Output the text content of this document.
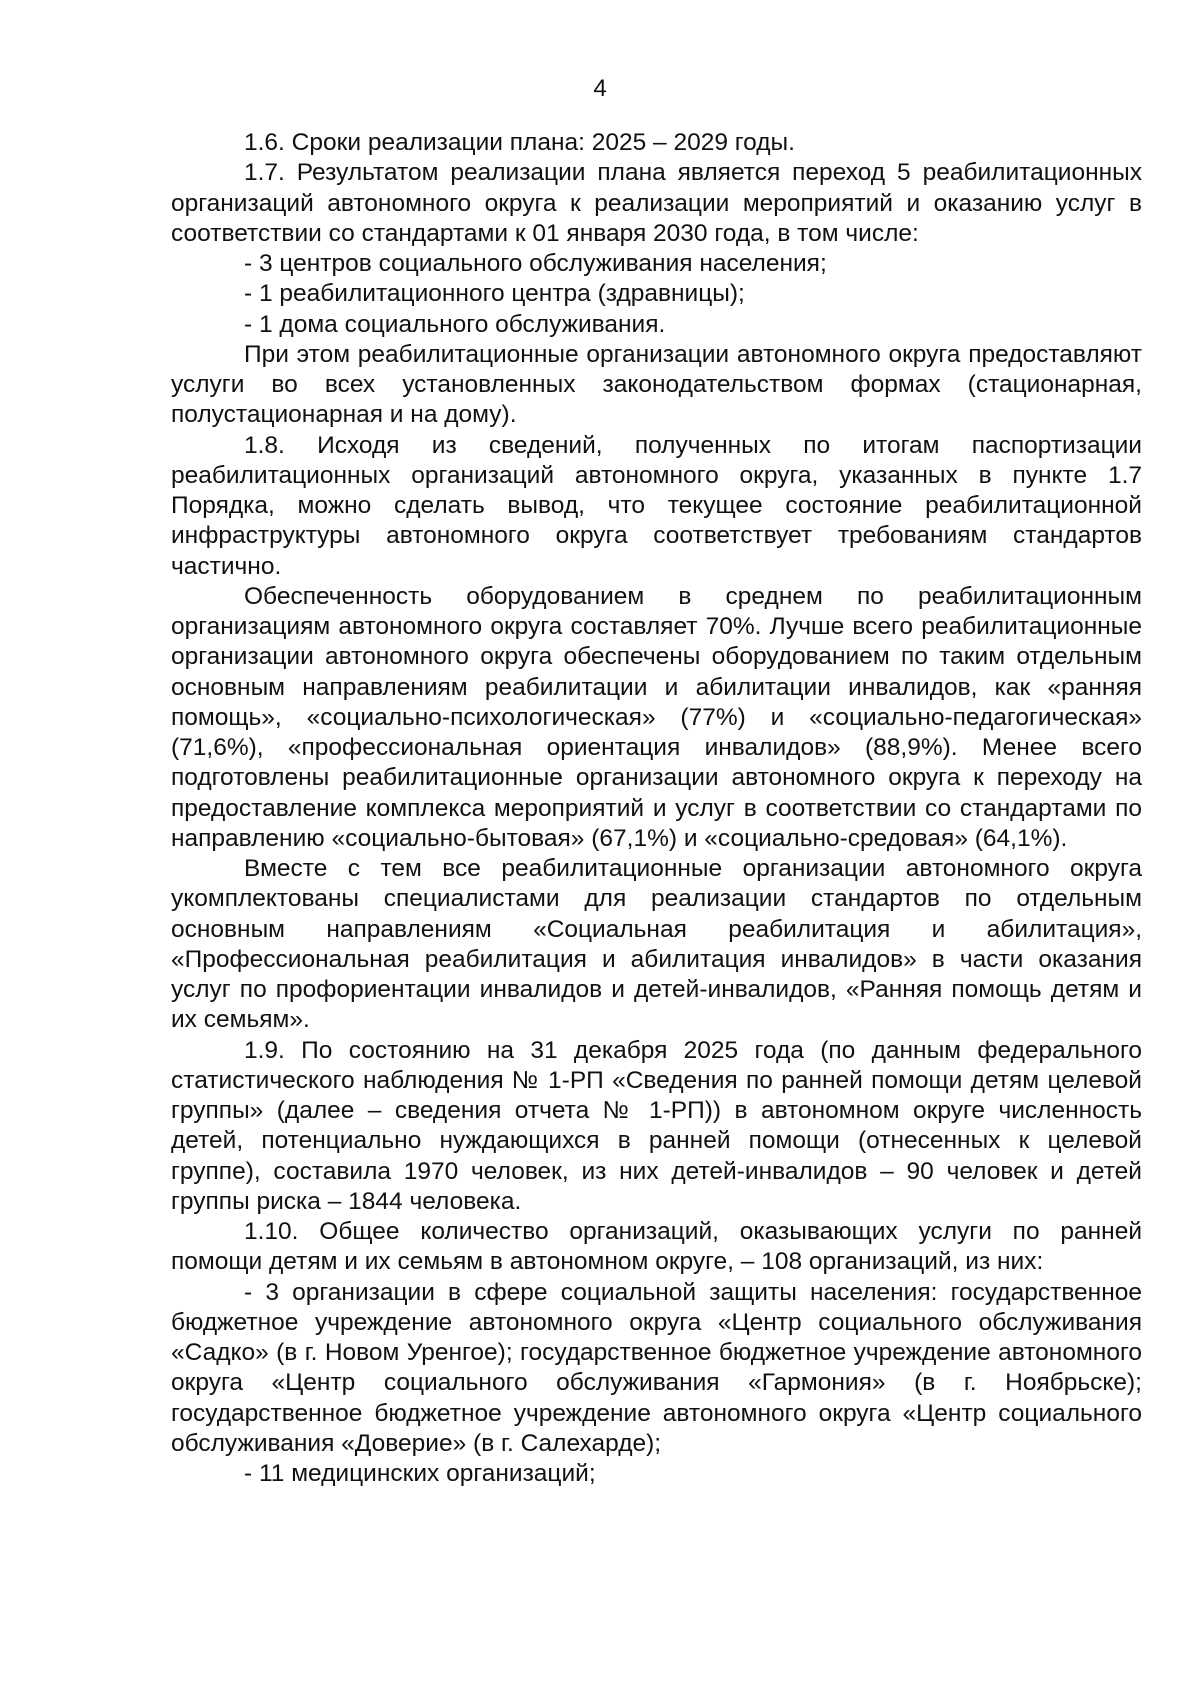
4

1.6. Сроки реализации плана: 2025 – 2029 годы.

1.7. Результатом реализации плана является переход 5 реабилитационных организаций автономного округа к реализации мероприятий и оказанию услуг в соответствии со стандартами к 01 января 2030 года, в том числе:

- 3 центров социального обслуживания населения;

- 1 реабилитационного центра (здравницы);

- 1 дома социального обслуживания.

При этом реабилитационные организации автономного округа предоставляют услуги во всех установленных законодательством формах (стационарная, полустационарная и на дому).

1.8. Исходя из сведений, полученных по итогам паспортизации реабилитационных организаций автономного округа, указанных в пункте 1.7 Порядка, можно сделать вывод, что текущее состояние реабилитационной инфраструктуры автономного округа соответствует требованиям стандартов частично.

Обеспеченность оборудованием в среднем по реабилитационным организациям автономного округа составляет 70%. Лучше всего реабилитационные организации автономного округа обеспечены оборудованием по таким отдельным основным направлениям реабилитации и абилитации инвалидов, как «ранняя помощь», «социально-психологическая» (77%) и «социально-педагогическая» (71,6%), «профессиональная ориентация инвалидов» (88,9%). Менее всего подготовлены реабилитационные организации автономного округа к переходу на предоставление комплекса мероприятий и услуг в соответствии со стандартами по направлению «социально-бытовая» (67,1%) и «социально-средовая» (64,1%).

Вместе с тем все реабилитационные организации автономного округа укомплектованы специалистами для реализации стандартов по отдельным основным направлениям «Социальная реабилитация и абилитация», «Профессиональная реабилитация и абилитация инвалидов» в части оказания услуг по профориентации инвалидов и детей-инвалидов, «Ранняя помощь детям и их семьям».

1.9. По состоянию на 31 декабря 2025 года (по данным федерального статистического наблюдения № 1-РП «Сведения по ранней помощи детям целевой группы» (далее – сведения отчета № 1-РП)) в автономном округе численность детей, потенциально нуждающихся в ранней помощи (отнесенных к целевой группе), составила 1970 человек, из них детей-инвалидов – 90 человек и детей группы риска – 1844 человека.

1.10. Общее количество организаций, оказывающих услуги по ранней помощи детям и их семьям в автономном округе, – 108 организаций, из них:

- 3 организации в сфере социальной защиты населения: государственное бюджетное учреждение автономного округа «Центр социального обслуживания «Садко» (в г. Новом Уренгое); государственное бюджетное учреждение автономного округа «Центр социального обслуживания «Гармония» (в г. Ноябрьске); государственное бюджетное учреждение автономного округа «Центр социального обслуживания «Доверие» (в г. Салехарде);

- 11 медицинских организаций;
